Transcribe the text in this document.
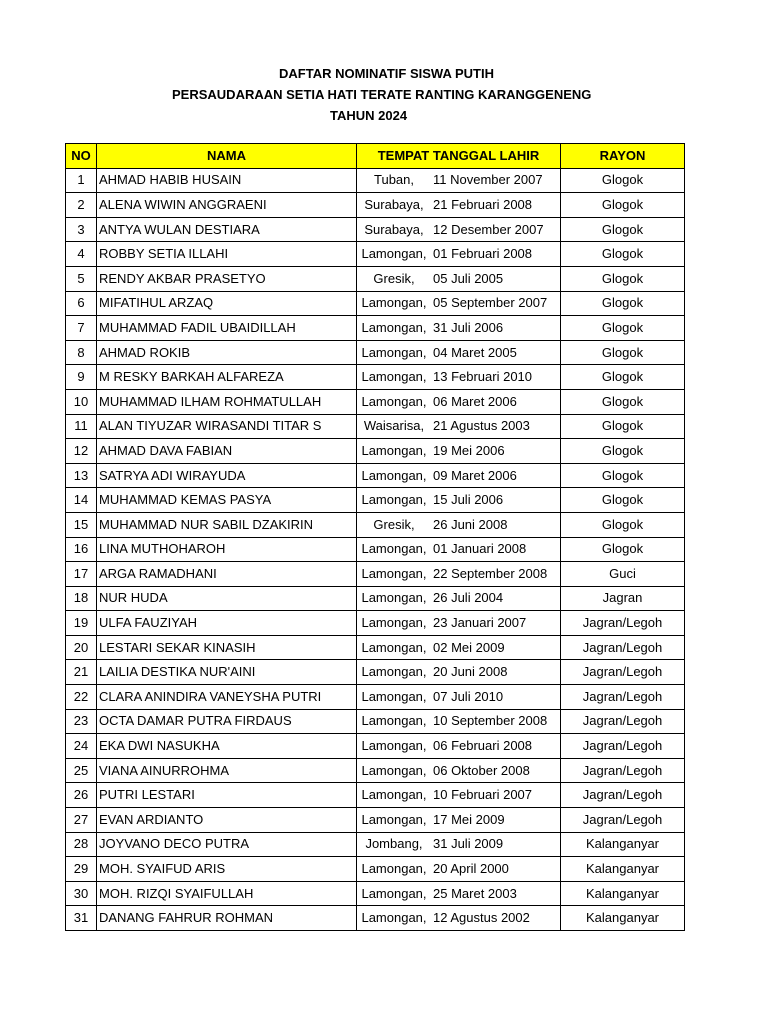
DAFTAR NOMINATIF SISWA PUTIH
PERSAUDARAAN SETIA HATI TERATE RANTING KARANGGENENG
TAHUN 2024
NO	NAMA	TEMPAT TANGGAL LAHIR	RAYON
1	AHMAD HABIB HUSAIN	Tuban, 11 November 2007	Glogok
2	ALENA WIWIN ANGGRAENI	Surabaya, 21 Februari 2008	Glogok
3	ANTYA WULAN DESTIARA	Surabaya, 12 Desember 2007	Glogok
4	ROBBY SETIA ILLAHI	Lamongan, 01 Februari 2008	Glogok
5	RENDY AKBAR PRASETYO	Gresik, 05 Juli 2005	Glogok
6	MIFATIHUL ARZAQ	Lamongan, 05 September 2007	Glogok
7	MUHAMMAD FADIL UBAIDILLAH	Lamongan, 31 Juli 2006	Glogok
8	AHMAD ROKIB	Lamongan, 04 Maret 2005	Glogok
9	M RESKY BARKAH ALFAREZA	Lamongan, 13 Februari 2010	Glogok
10	MUHAMMAD ILHAM ROHMATULLAH	Lamongan, 06 Maret 2006	Glogok
11	ALAN TIYUZAR WIRASANDI TITAR S	Waisarisa, 21 Agustus 2003	Glogok
12	AHMAD DAVA FABIAN	Lamongan, 19 Mei 2006	Glogok
13	SATRYA ADI WIRAYUDA	Lamongan, 09 Maret 2006	Glogok
14	MUHAMMAD KEMAS PASYA	Lamongan, 15 Juli 2006	Glogok
15	MUHAMMAD NUR SABIL DZAKIRIN	Gresik, 26 Juni 2008	Glogok
16	LINA MUTHOHAROH	Lamongan, 01 Januari 2008	Glogok
17	ARGA RAMADHANI	Lamongan, 22 September 2008	Guci
18	NUR HUDA	Lamongan, 26 Juli 2004	Jagran
19	ULFA FAUZIYAH	Lamongan, 23 Januari 2007	Jagran/Legoh
20	LESTARI SEKAR KINASIH	Lamongan, 02 Mei 2009	Jagran/Legoh
21	LAILIA DESTIKA NUR'AINI	Lamongan, 20 Juni 2008	Jagran/Legoh
22	CLARA ANINDIRA VANEYSHA PUTRI	Lamongan, 07 Juli 2010	Jagran/Legoh
23	OCTA DAMAR PUTRA FIRDAUS	Lamongan, 10 September 2008	Jagran/Legoh
24	EKA DWI NASUKHA	Lamongan, 06 Februari 2008	Jagran/Legoh
25	VIANA AINURROHMA	Lamongan, 06 Oktober 2008	Jagran/Legoh
26	PUTRI LESTARI	Lamongan, 10 Februari 2007	Jagran/Legoh
27	EVAN ARDIANTO	Lamongan, 17 Mei 2009	Jagran/Legoh
28	JOYVANO DECO PUTRA	Jombang, 31 Juli 2009	Kalanganyar
29	MOH. SYAIFUD ARIS	Lamongan, 20 April 2000	Kalanganyar
30	MOH. RIZQI SYAIFULLAH	Lamongan, 25 Maret 2003	Kalanganyar
31	DANANG FAHRUR ROHMAN	Lamongan, 12 Agustus 2002	Kalanganyar
